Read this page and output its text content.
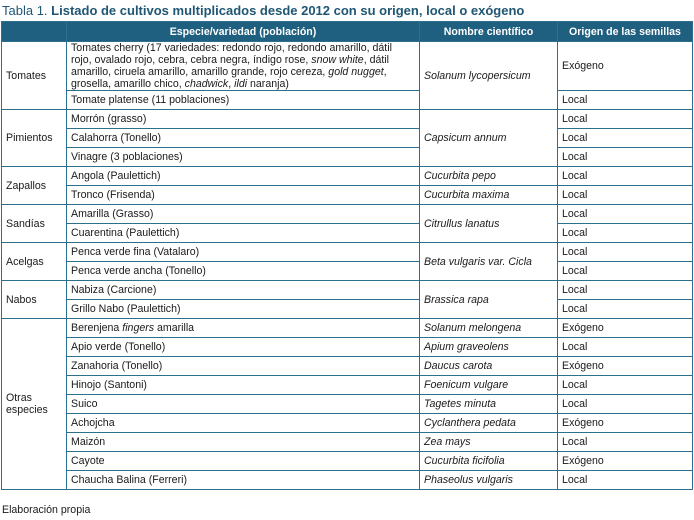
Tabla 1. Listado de cultivos multiplicados desde 2012 con su origen, local o exógeno
	Especie/variedad (población)	Nombre científico	Origen de las semillas
Tomates	Tomates cherry (17 variedades: redondo rojo, redondo amarillo, dátil rojo, ovalado rojo, cebra, cebra negra, índigo rose, snow white, dátil amarillo, ciruela amarillo, amarillo grande, rojo cereza, gold nugget, grosella, amarillo chico, chadwick, ildi naranja)	Solanum lycopersicum	Exógeno
	Tomate platense (11 poblaciones)		Local
Pimientos	Morrón (grasso)	Capsicum annum	Local
	Calahorra (Tonello)		Local
	Vinagre (3 poblaciones)		Local
Zapallos	Angola (Paulettich)	Cucurbita pepo	Local
	Tronco (Frisenda)	Cucurbita maxima	Local
Sandías	Amarilla (Grasso)	Citrullus lanatus	Local
	Cuarentina (Paulettich)		Local
Acelgas	Penca verde fina (Vatalaro)	Beta vulgaris var. Cicla	Local
	Penca verde ancha (Tonello)		Local
Nabos	Nabiza (Carcione)	Brassica rapa	Local
	Grillo Nabo (Paulettich)		Local
Otras especies	Berenjena fingers amarilla	Solanum melongena	Exógeno
	Apio verde (Tonello)	Apium graveolens	Local
	Zanahoria (Tonello)	Daucus carota	Exógeno
	Hinojo (Santoni)	Foenicum vulgare	Local
	Suico	Tagetes minuta	Local
	Achojcha	Cyclanthera pedata	Exógeno
	Maizón	Zea mays	Local
	Cayote	Cucurbita ficifolia	Exógeno
	Chaucha Balina (Ferreri)	Phaseolus vulgaris	Local
Elaboración propia
